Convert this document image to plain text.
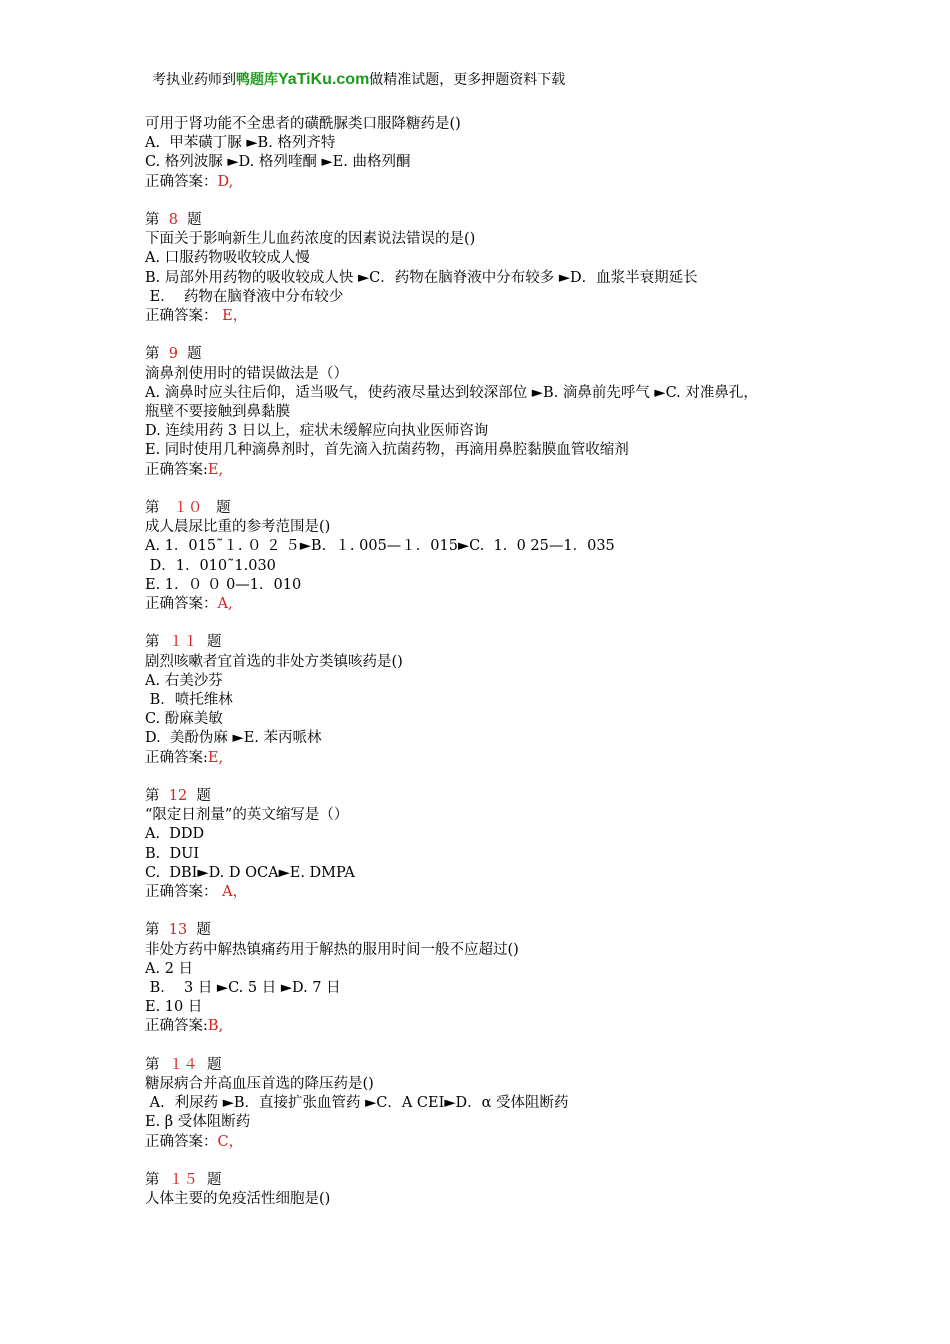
考执业药师到鸭题库YaTiKu.com做精准试题，更多押题资料下载
可用于肾功能不全患者的磺酰脲类口服降糖药是()
A.  甲苯磺丁脲 ►B. 格列齐特
C. 格列波脲 ►D. 格列喹酮 ►E. 曲格列酮
正确答案：D,
第 8 题
下面关于影响新生儿血药浓度的因素说法错误的是()
A. 口服药物吸收较成人慢
B. 局部外用药物的吸收较成人快 ►C．药物在脑脊液中分布较多 ►D．血浆半衰期延长
E．  药物在脑脊液中分布较少
正确答案： E，
第 9 题
滴鼻剂使用时的错误做法是（）
A. 滴鼻时应头往后仰，适当吸气，使药液尽量达到较深部位 ►B. 滴鼻前先呼气 ►C. 对准鼻孔，
瓶壁不要接触到鼻黏膜
D. 连续用药 3 日以上，症状未缓解应向执业医师咨询
E. 同时使用几种滴鼻剂时，首先滴入抗菌药物，再滴用鼻腔黏膜血管收缩剂
正确答案:E,
第   １０   题
成人晨尿比重的参考范围是()
A. 1．015˜１. ０ ２ ５►B.  １. 005—１．015►C.  1.  0 25—1．035
D．1．010˜1.030
E. 1.  ０ ０ 0—1．010
正确答案：A,
第 １１ 题
剧烈咳嗽者宜首选的非处方类镇咳药是()
A. 右美沙芬
B．喷托维林
C. 酚麻美敏
D.  美酚伪麻 ►E. 苯丙哌林
正确答案:E,
第 12 题
“限定日剂量”的英文缩写是（）
A.  DDD
B.  DUI
C.  DBI►D. D OCA►E. DMPA
正确答案： A，
第 13 题
非处方药中解热镇痛药用于解热的服用时间一般不应超过()
A. 2 日
B．  3 日 ►C. 5 日 ►D. 7 日
E. 10 日
正确答案:B,
第 １４ 题
糖尿病合并高血压首选的降压药是()
A．利尿药 ►B．直接扩张血管药 ►C．A CEI►D．α 受体阻断药
E. β 受体阻断药
正确答案：C，
第 １５ 题
人体主要的免疫活性细胞是()
